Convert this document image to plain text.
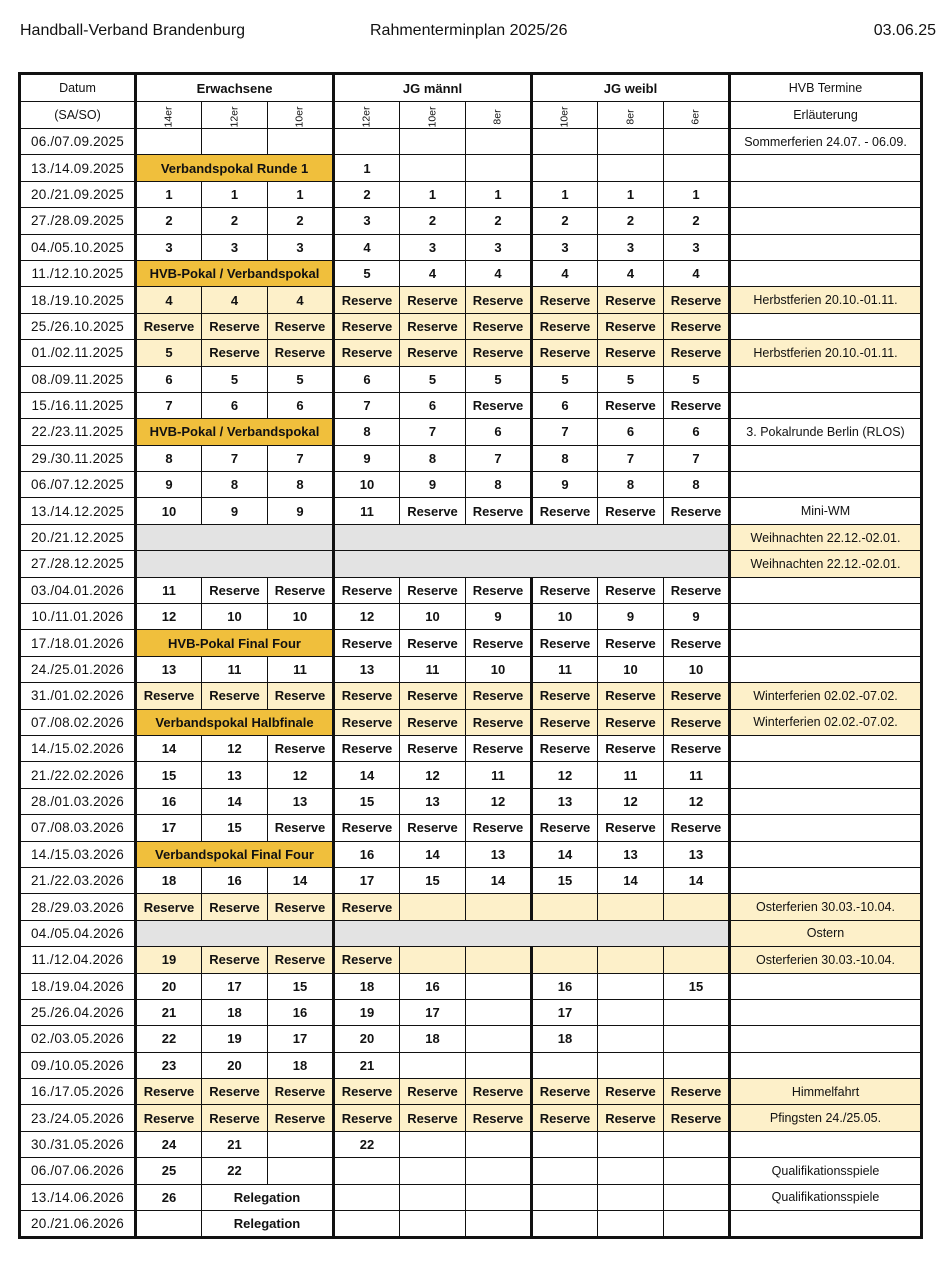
Handball-Verband Brandenburg	Rahmenterminplan 2025/26	03.06.25
Datum	Erwachsene			JG männl			JG weibl			HVB Termine
(SA/SO)	14er	12er	10er	12er	10er	8er	10er	8er	6er	Erläuterung
06./07.09.2025										Sommerferien 24.07. - 06.09.
13./14.09.2025	Verbandspokal Runde 1			1						
20./21.09.2025	1	1	1	2	1	1	1	1	1	
27./28.09.2025	2	2	2	3	2	2	2	2	2	
04./05.10.2025	3	3	3	4	3	3	3	3	3	
11./12.10.2025	HVB-Pokal / Verbandspokal			5	4	4	4	4	4	
18./19.10.2025	4	4	4	Reserve	Reserve	Reserve	Reserve	Reserve	Reserve	Herbstferien 20.10.-01.11.
25./26.10.2025	Reserve	Reserve	Reserve	Reserve	Reserve	Reserve	Reserve	Reserve	Reserve	
01./02.11.2025	5	Reserve	Reserve	Reserve	Reserve	Reserve	Reserve	Reserve	Reserve	Herbstferien 20.10.-01.11.
08./09.11.2025	6	5	5	6	5	5	5	5	5	
15./16.11.2025	7	6	6	7	6	Reserve	6	Reserve	Reserve	
22./23.11.2025	HVB-Pokal / Verbandspokal			8	7	6	7	6	6	3. Pokalrunde Berlin (RLOS)
29./30.11.2025	8	7	7	9	8	7	8	7	7	
06./07.12.2025	9	8	8	10	9	8	9	8	8	
13./14.12.2025	10	9	9	11	Reserve	Reserve	Reserve	Reserve	Reserve	Mini-WM
20./21.12.2025										Weihnachten 22.12.-02.01.
27./28.12.2025										Weihnachten 22.12.-02.01.
03./04.01.2026	11	Reserve	Reserve	Reserve	Reserve	Reserve	Reserve	Reserve	Reserve	
10./11.01.2026	12	10	10	12	10	9	10	9	9	
17./18.01.2026	HVB-Pokal Final Four			Reserve	Reserve	Reserve	Reserve	Reserve	Reserve	
24./25.01.2026	13	11	11	13	11	10	11	10	10	
31./01.02.2026	Reserve	Reserve	Reserve	Reserve	Reserve	Reserve	Reserve	Reserve	Reserve	Winterferien 02.02.-07.02.
07./08.02.2026	Verbandspokal Halbfinale			Reserve	Reserve	Reserve	Reserve	Reserve	Reserve	Winterferien 02.02.-07.02.
14./15.02.2026	14	12	Reserve	Reserve	Reserve	Reserve	Reserve	Reserve	Reserve	
21./22.02.2026	15	13	12	14	12	11	12	11	11	
28./01.03.2026	16	14	13	15	13	12	13	12	12	
07./08.03.2026	17	15	Reserve	Reserve	Reserve	Reserve	Reserve	Reserve	Reserve	
14./15.03.2026	Verbandspokal Final Four			16	14	13	14	13	13	
21./22.03.2026	18	16	14	17	15	14	15	14	14	
28./29.03.2026	Reserve	Reserve	Reserve	Reserve						Osterferien 30.03.-10.04.
04./05.04.2026										Ostern
11./12.04.2026	19	Reserve	Reserve	Reserve						Osterferien 30.03.-10.04.
18./19.04.2026	20	17	15	18	16		16		15	
25./26.04.2026	21	18	16	19	17		17			
02./03.05.2026	22	19	17	20	18		18			
09./10.05.2026	23	20	18	21						
16./17.05.2026	Reserve	Reserve	Reserve	Reserve	Reserve	Reserve	Reserve	Reserve	Reserve	Himmelfahrt
23./24.05.2026	Reserve	Reserve	Reserve	Reserve	Reserve	Reserve	Reserve	Reserve	Reserve	Pfingsten 24./25.05.
30./31.05.2026	24	21		22						
06./07.06.2026	25	22								Qualifikationsspiele
13./14.06.2026	26	Relegation								Qualifikationsspiele
20./21.06.2026		Relegation								
